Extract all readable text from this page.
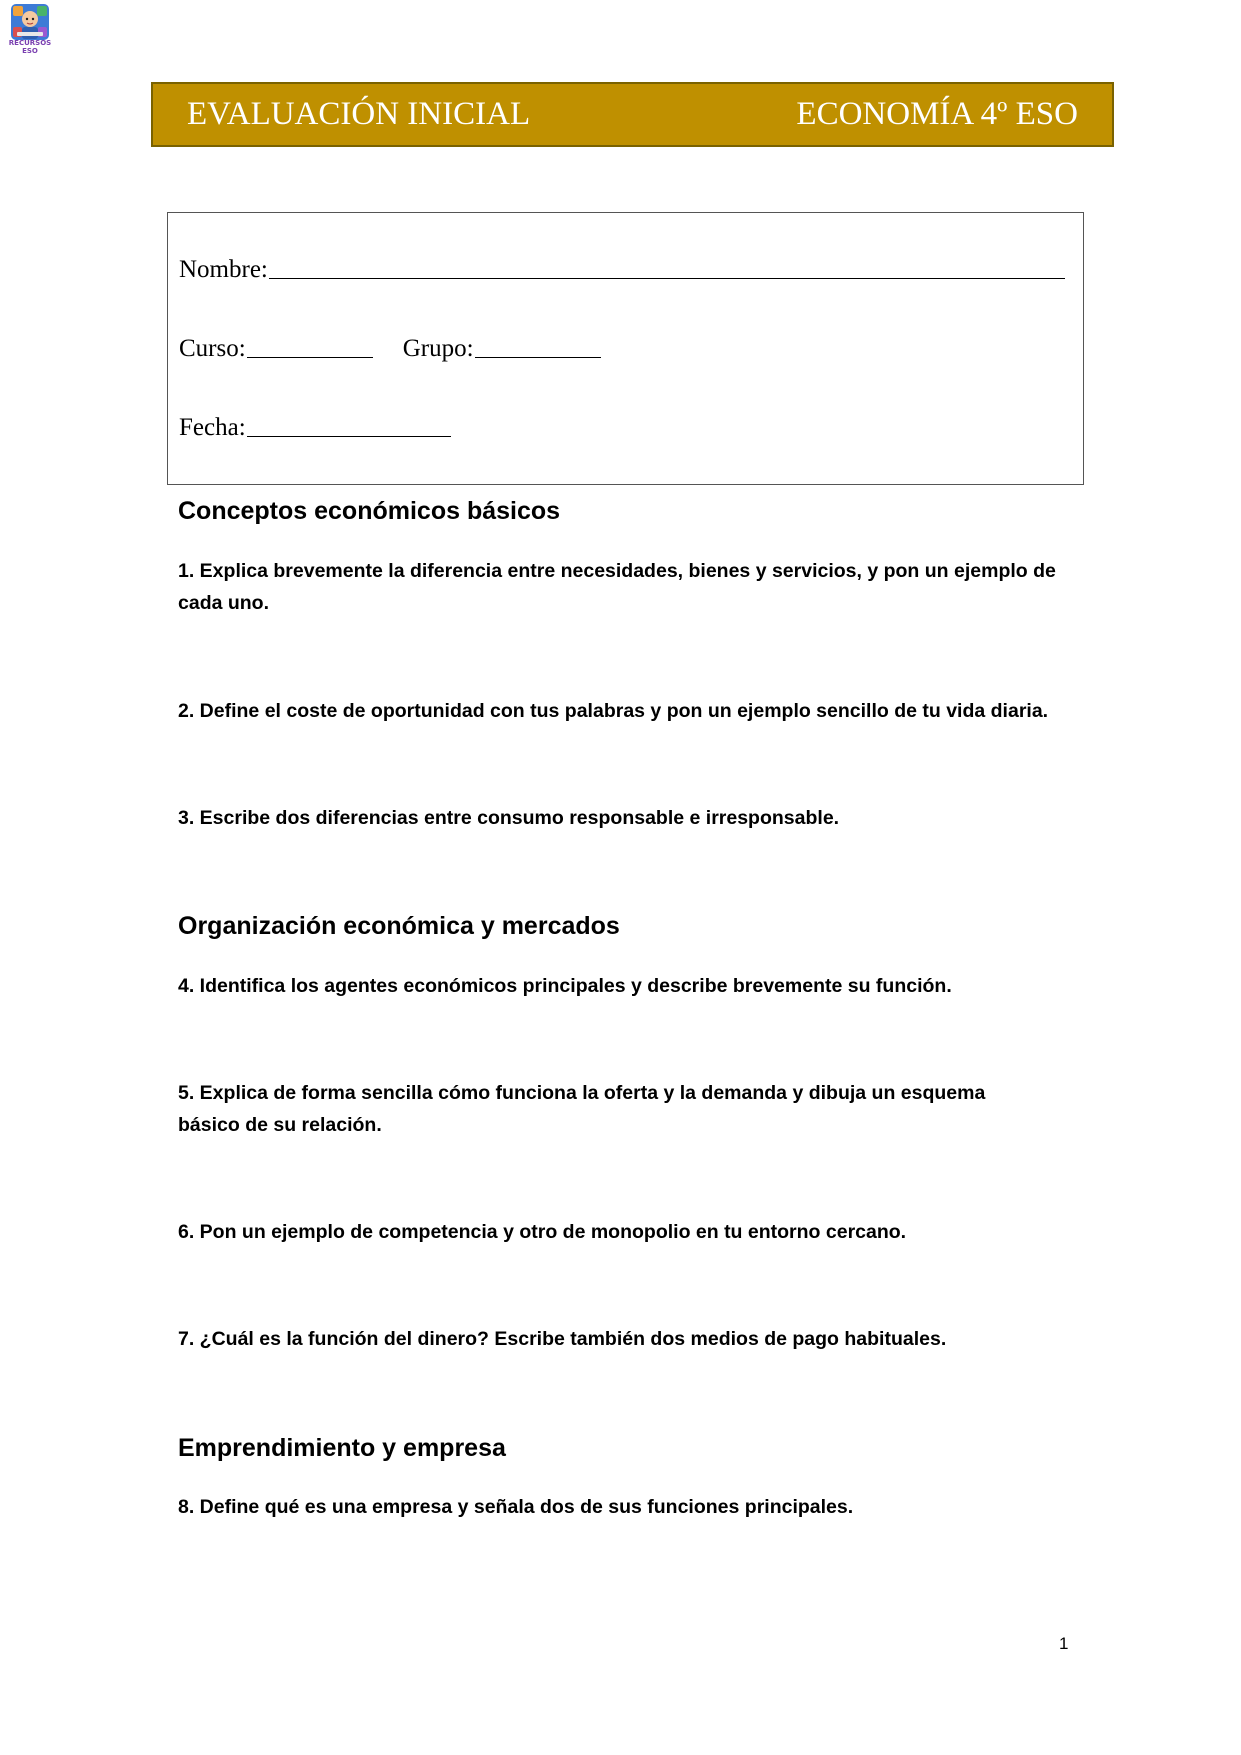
RECURSOS
ESO
EVALUACIÓN INICIAL	ECONOMÍA 4º ESO
Nombre:
Curso:	Grupo:
Fecha:
Conceptos económicos básicos
1. Explica brevemente la diferencia entre necesidades, bienes y servicios, y pon un ejemplo de cada uno.
2. Define el coste de oportunidad con tus palabras y pon un ejemplo sencillo de tu vida diaria.
3. Escribe dos diferencias entre consumo responsable e irresponsable.
Organización económica y mercados
4. Identifica los agentes económicos principales y describe brevemente su función.
5. Explica de forma sencilla cómo funciona la oferta y la demanda y dibuja un esquema básico de su relación.
6. Pon un ejemplo de competencia y otro de monopolio en tu entorno cercano.
7. ¿Cuál es la función del dinero? Escribe también dos medios de pago habituales.
Emprendimiento y empresa
8. Define qué es una empresa y señala dos de sus funciones principales.
1
